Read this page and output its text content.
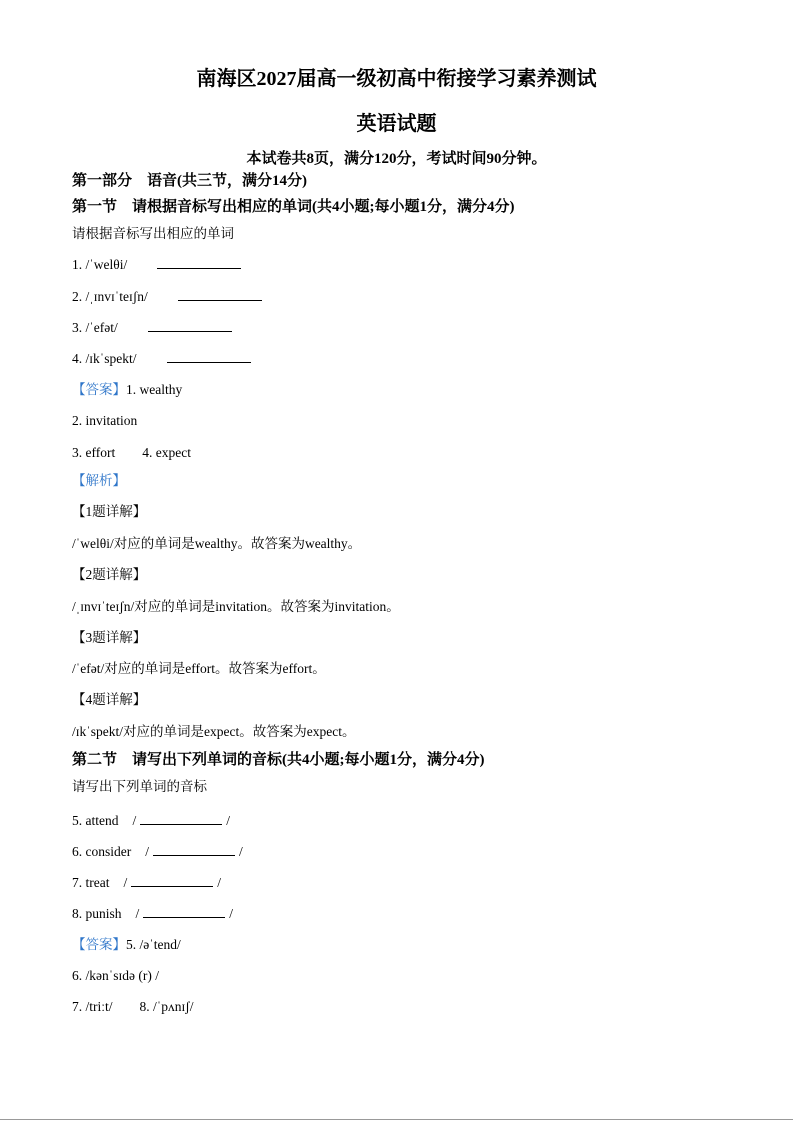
南海区2027届高一级初高中衔接学习素养测试
英语试题
本试卷共8页，满分120分，考试时间90分钟。
第一部分　语音(共三节，满分14分)
第一节　请根据音标写出相应的单词(共4小题;每小题1分，满分4分)
请根据音标写出相应的单词
1. /ˈwelθi/
2. /ˌɪnvɪˈteɪʃn/
3. /ˈefət/
4. /ɪkˈspekt/
【答案】1. wealthy
2. invitation
3. effort 4. expect
【解析】
【1题详解】
/ˈwelθi/对应的单词是wealthy。故答案为wealthy。
【2题详解】
/ˌɪnvɪˈteɪʃn/对应的单词是invitation。故答案为invitation。
【3题详解】
/ˈefət/对应的单词是effort。故答案为effort。
【4题详解】
/ɪkˈspekt/对应的单词是expect。故答案为expect。
第二节　请写出下列单词的音标(共4小题;每小题1分，满分4分)
请写出下列单词的音标
5. attend /	/
6. consider /	/
7. treat /	/
8. punish /	/
【答案】5. /əˈtend/
6. /kənˈsɪdə (r) /
7. /triːt/ 8. /ˈpʌnɪʃ/
